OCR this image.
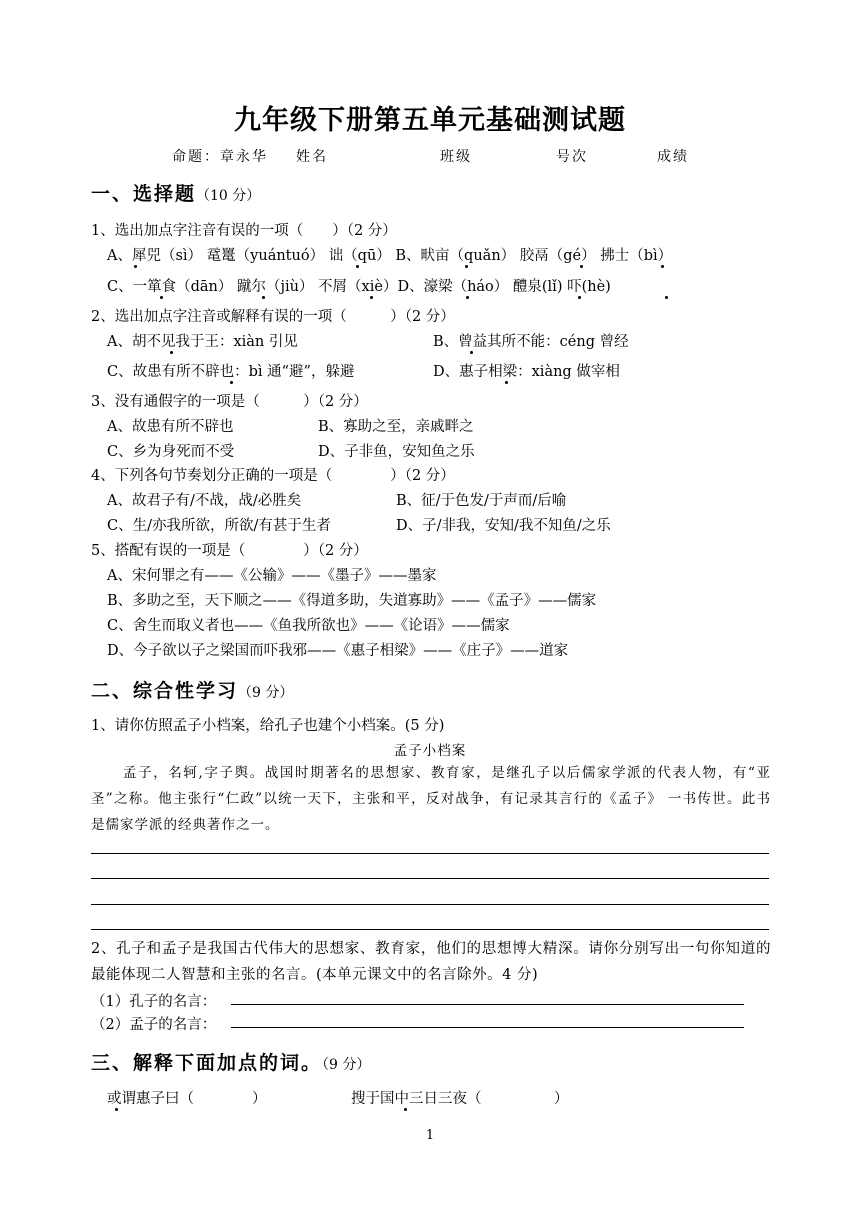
九年级下册第五单元基础测试题
命题：章永华 姓名	班级	号次	成绩
一、选择题（10 分）
1、选出加点字注音有误的一项（　　）（2 分）
A、犀兕（sì） 鼋鼍（yuántuó） 诎（qū） B、畎亩（quǎn） 胶鬲（gé） 拂士（bì）
C、一箪食（dān） 蹴尔（jiù） 不屑（xiè）D、濠梁（háo） 醴泉(lǐ) 吓(hè)
2、选出加点字注音或解释有误的一项（　　　）（2 分）
A、胡不见我于王：xiàn 引见	B、曾益其所不能：céng 曾经
C、故患有所不辟也：bì 通“避”，躲避	D、惠子相梁：xiàng 做宰相
3、没有通假字的一项是（　　　）（2 分）
A、故患有所不辟也	B、寡助之至，亲戚畔之
C、乡为身死而不受	D、子非鱼，安知鱼之乐
4、下列各句节奏划分正确的一项是（　　　　）（2 分）
A、故君子有/不战，战/必胜矣	B、征/于色发/于声而/后喻
C、生/亦我所欲，所欲/有甚于生者	D、子/非我，安知/我不知鱼/之乐
5、搭配有误的一项是（　　　　）（2 分）
A、宋何罪之有——《公输》——《墨子》——墨家
B、多助之至，天下顺之——《得道多助，失道寡助》——《孟子》——儒家
C、舍生而取义者也——《鱼我所欲也》——《论语》——儒家
D、今子欲以子之梁国而吓我邪——《惠子相梁》——《庄子》——道家
二、综合性学习（9 分）
1、请你仿照孟子小档案，给孔子也建个小档案。(5 分)
孟子小档案
孟子，名轲,字子舆。战国时期著名的思想家、教育家，是继孔子以后儒家学派的代表人物，有“亚圣”之称。他主张行“仁政”以统一天下，主张和平，反对战争，有记录其言行的《孟子》 一书传世。此书是儒家学派的经典著作之一。
2、孔子和孟子是我国古代伟大的思想家、教育家，他们的思想博大精深。请你分别写出一句你知道的最能体现二人智慧和主张的名言。(本单元课文中的名言除外。4 分)
（1）孔子的名言：
（2）孟子的名言：
三、解释下面加点的词。（9 分）
或谓惠子曰（　　　　）	搜于国中三日三夜（　　　　　）
1
